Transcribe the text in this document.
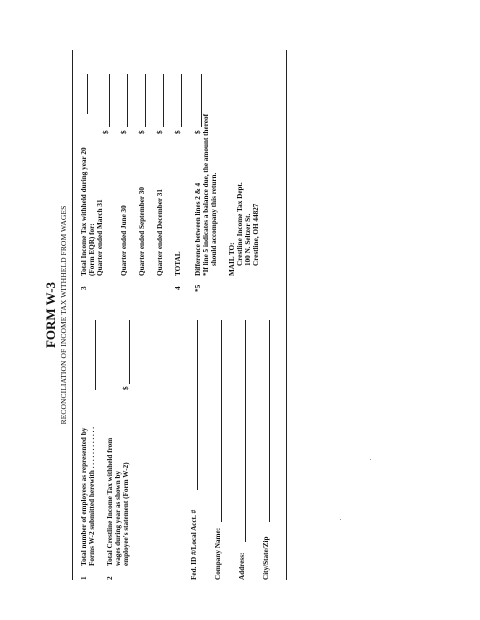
FORM W-3 RECONCILIATION OF INCOME TAX WITHHELD FROM WAGES
1
Total number of employees as represented by Forms W-2 submitted herewith . . . . . . . . . . . .
2
Total Crestline Income Tax withheld from wages during year as shown by employee's statement (Form W-2)
$
Fed. ID #/Local Acct. # Company Name: Address: City/State/Zip
3
Total Income Tax withheld during year 20 (Form EQR) for: Quarter ended March 31
$
Quarter ended June 30
$
Quarter ended September 30
$
Quarter ended December 31
$
4
TOTAL
$
*5
Difference between lines 2 & 4
$ *If line 5 indicates a balance due, the amount thereof should accompany this return. MAIL TO: Crestline Income Tax Dept. 100 N. Seltzer St. Crestline, OH 44827
